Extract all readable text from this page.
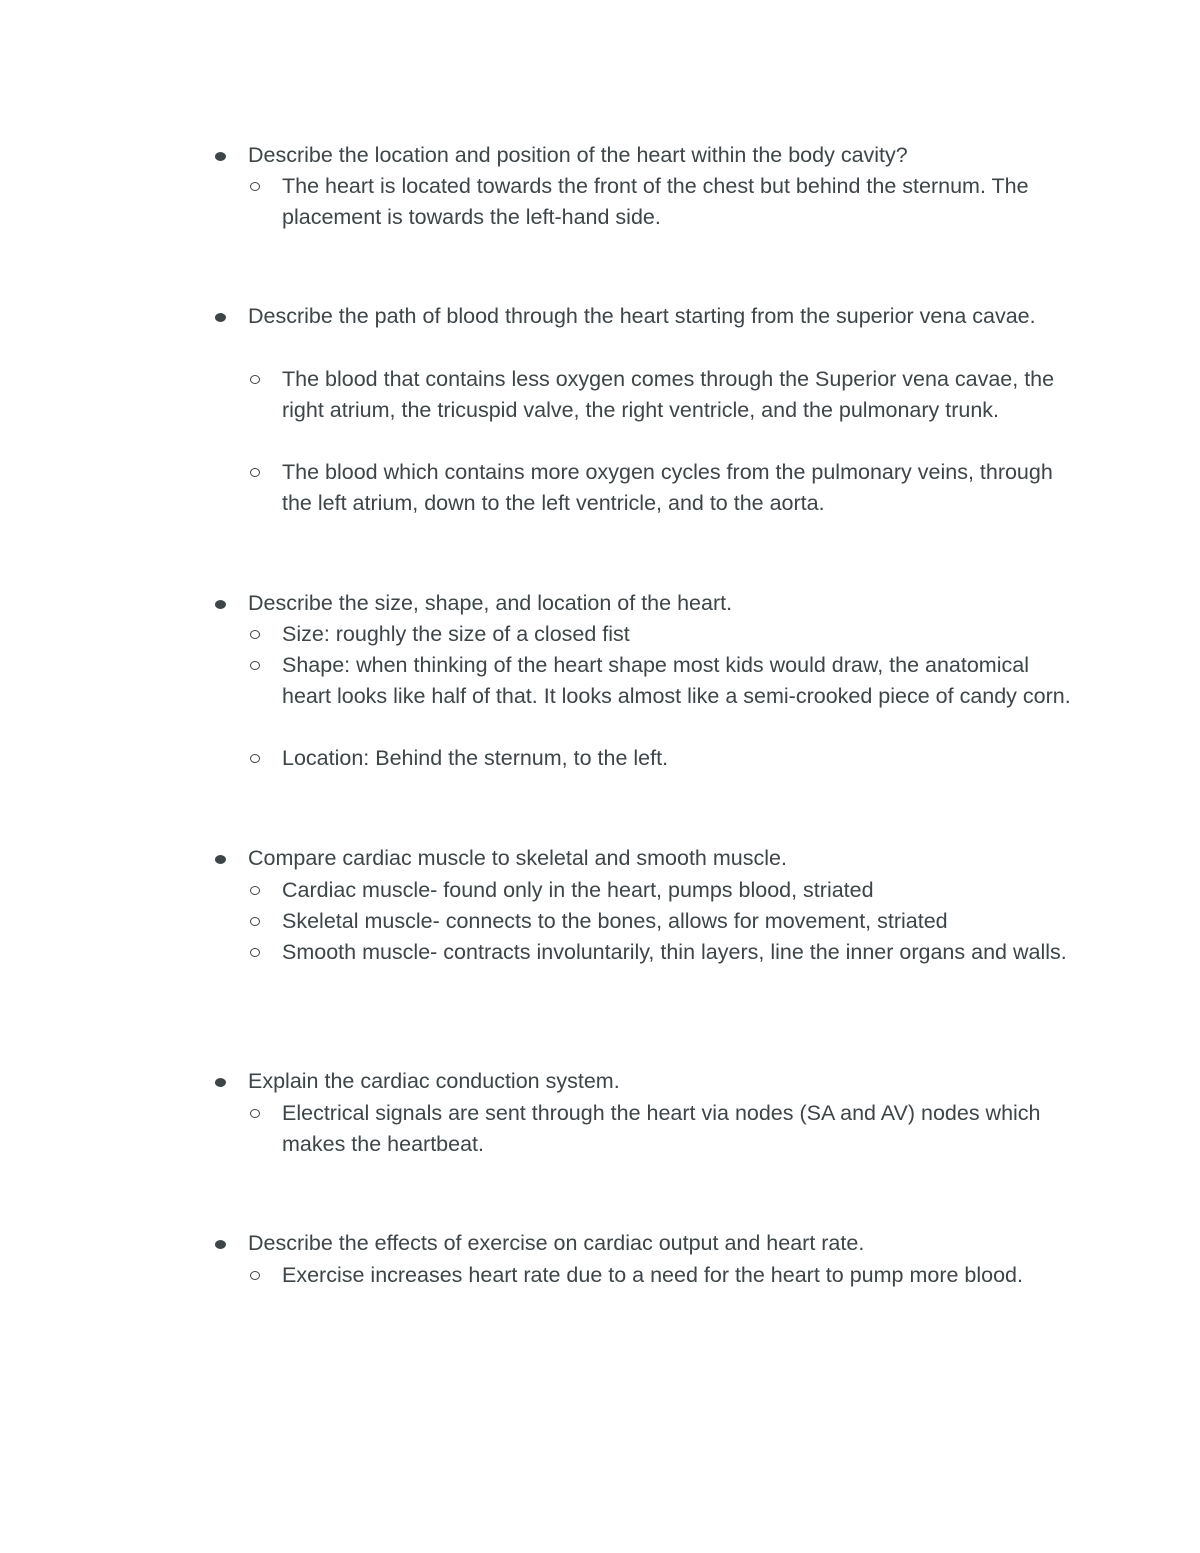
Describe the location and position of the heart within the body cavity?

The heart is located towards the front of the chest but behind the sternum. The placement is towards the left-hand side.

Describe the path of blood through the heart starting from the superior vena cavae.

The blood that contains less oxygen comes through the Superior vena cavae, the right atrium, the tricuspid valve, the right ventricle, and the pulmonary trunk.

The blood which contains more oxygen cycles from the pulmonary veins, through the left atrium, down to the left ventricle, and to the aorta.

Describe the size, shape, and location of the heart.

Size: roughly the size of a closed fist

Shape: when thinking of the heart shape most kids would draw, the anatomical heart looks like half of that. It looks almost like a semi-crooked piece of candy corn.

Location: Behind the sternum, to the left.

Compare cardiac muscle to skeletal and smooth muscle.

Cardiac muscle- found only in the heart, pumps blood, striated

Skeletal muscle- connects to the bones, allows for movement, striated

Smooth muscle- contracts involuntarily, thin layers, line the inner organs and walls.

Explain the cardiac conduction system.

Electrical signals are sent through the heart via nodes (SA and AV) nodes which makes the heartbeat.

Describe the effects of exercise on cardiac output and heart rate.

Exercise increases heart rate due to a need for the heart to pump more blood.
